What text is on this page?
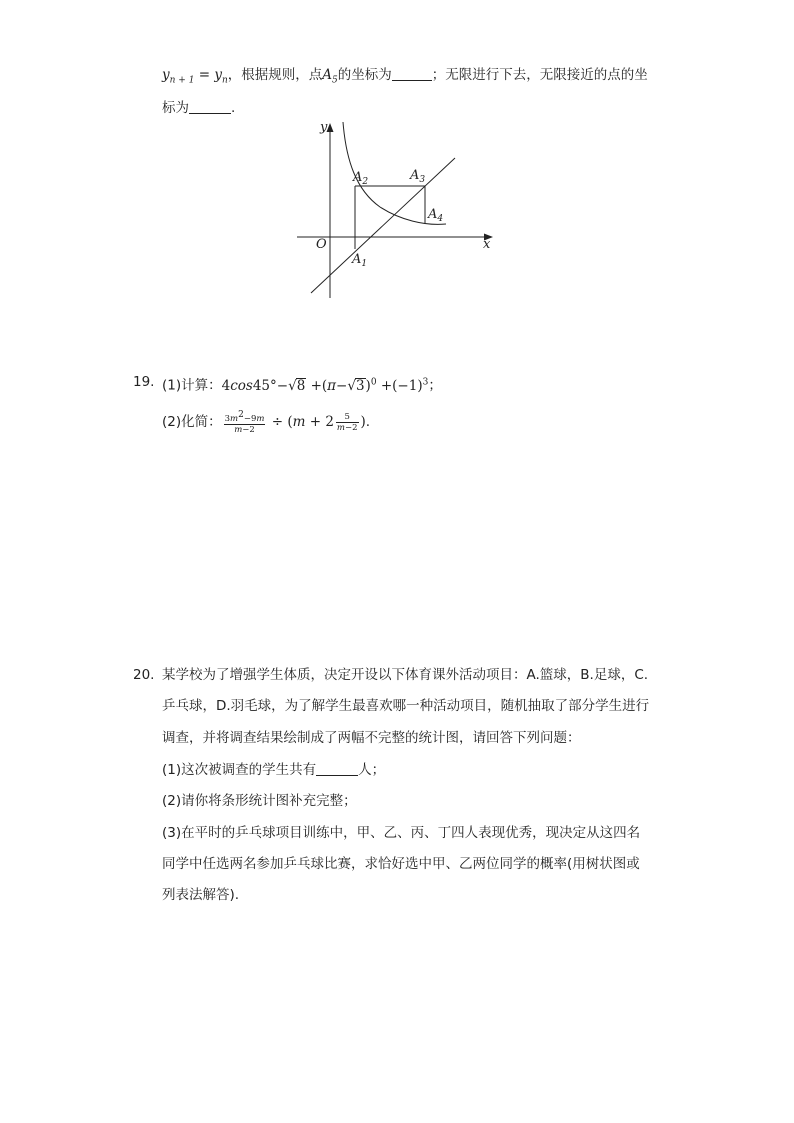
$y_{n + 1} = y_n$，根据规则，点$A_5$的坐标为	；无限进行下去，无限接近的点的坐
标为	.
y
x
O
$A_2$	$A_3$
$A_4$
$A_1$
19. (1)计算：$4\cos 45^\circ-√8 +(\pi-√3)^0 +(-1)^3$；
(2)化简： $\frac{3m^2-9m}{m-2} \div (m + 2 \frac{5}{m-2}$ ).
20. 某学校为了增强学生体质，决定开设以下体育课外活动项目：A.篮球，B.足球，C.
乒乓球，D.羽毛球，为了解学生最喜欢哪一种活动项目，随机抽取了部分学生进行
调查，并将调查结果绘制成了两幅不完整的统计图，请回答下列问题：
(1)这次被调查的学生共有	人；
(2)请你将条形统计图补充完整；
(3)在平时的乒乓球项目训练中，甲、乙、丙、丁四人表现优秀，现决定从这四名
同学中任选两名参加乒乓球比赛，求恰好选中甲、乙两位同学的概率(用树状图或
列表法解答).
